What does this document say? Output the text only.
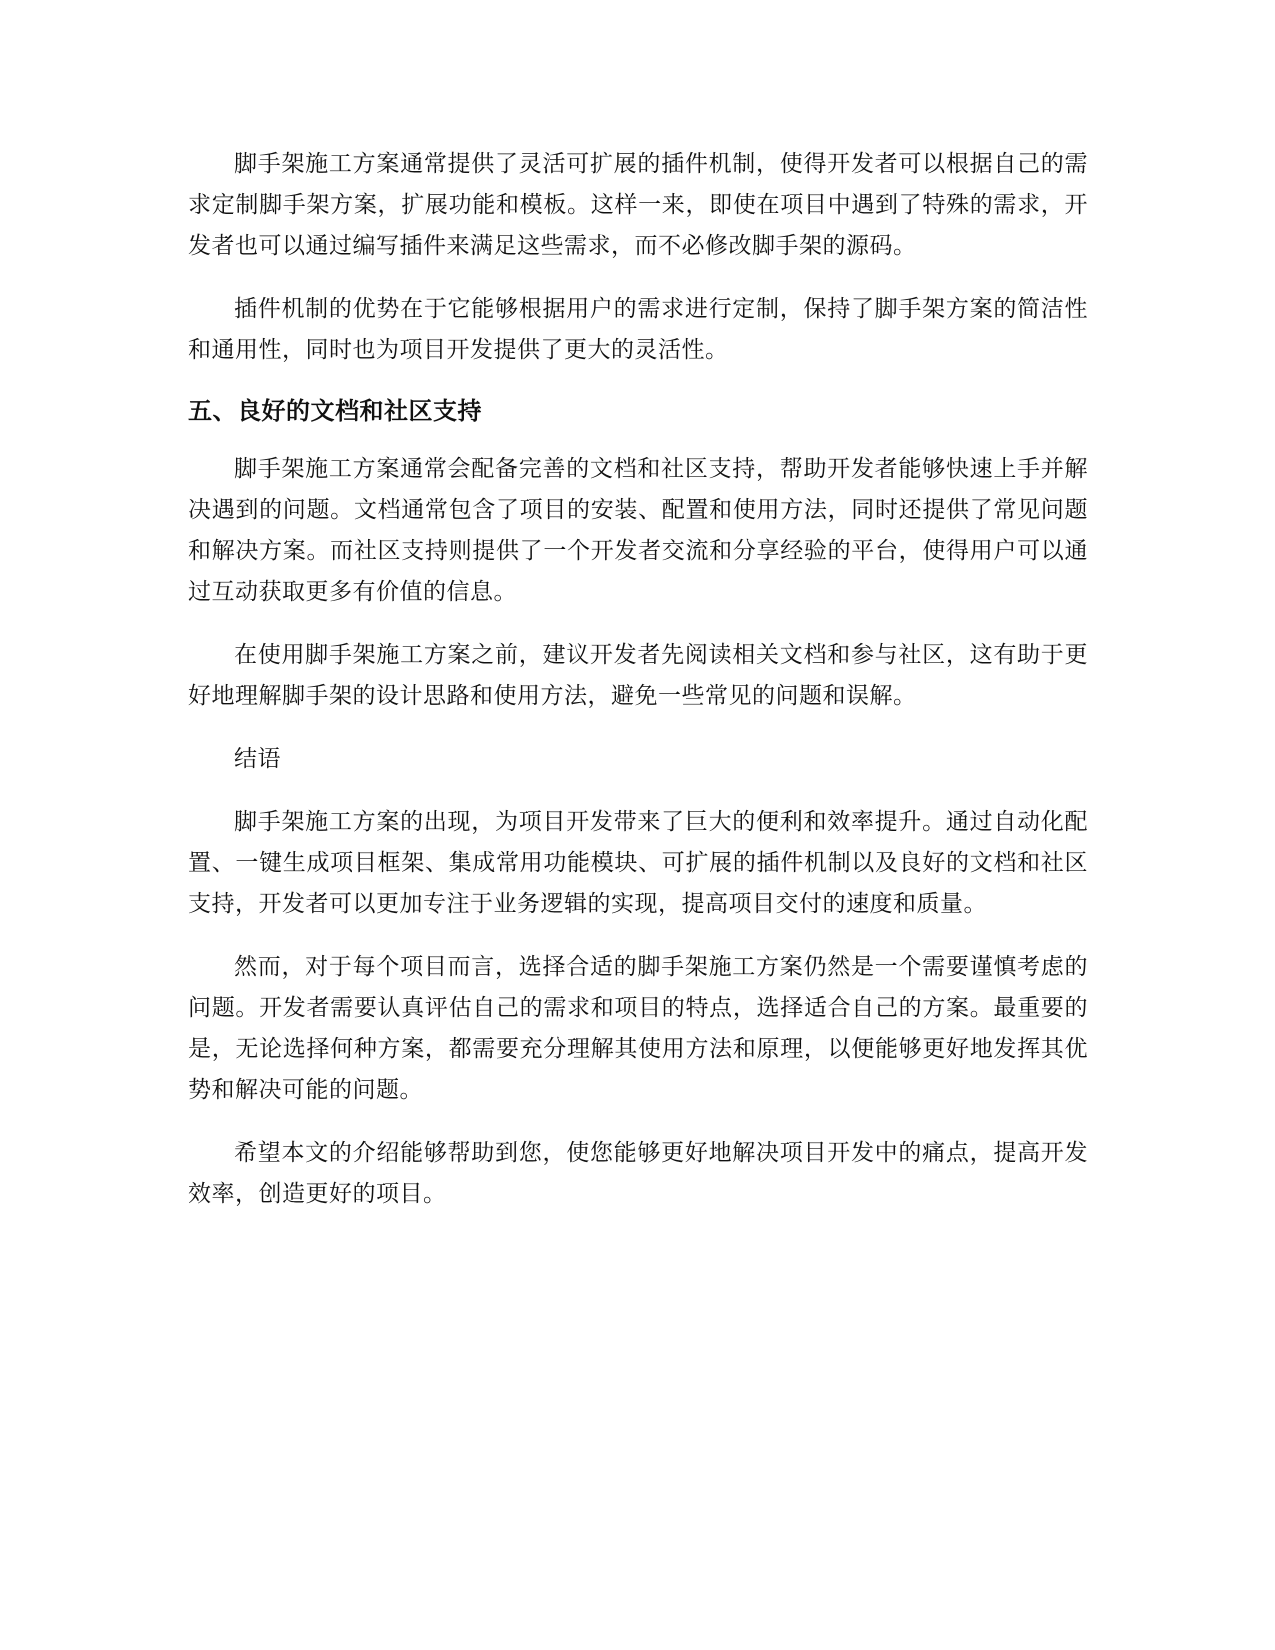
脚手架施工方案通常提供了灵活可扩展的插件机制，使得开发者可以根据自己的需求定制脚手架方案，扩展功能和模板。这样一来，即使在项目中遇到了特殊的需求，开发者也可以通过编写插件来满足这些需求，而不必修改脚手架的源码。

插件机制的优势在于它能够根据用户的需求进行定制，保持了脚手架方案的简洁性和通用性，同时也为项目开发提供了更大的灵活性。

五、良好的文档和社区支持

脚手架施工方案通常会配备完善的文档和社区支持，帮助开发者能够快速上手并解决遇到的问题。文档通常包含了项目的安装、配置和使用方法，同时还提供了常见问题和解决方案。而社区支持则提供了一个开发者交流和分享经验的平台，使得用户可以通过互动获取更多有价值的信息。

在使用脚手架施工方案之前，建议开发者先阅读相关文档和参与社区，这有助于更好地理解脚手架的设计思路和使用方法，避免一些常见的问题和误解。

结语

脚手架施工方案的出现，为项目开发带来了巨大的便利和效率提升。通过自动化配置、一键生成项目框架、集成常用功能模块、可扩展的插件机制以及良好的文档和社区支持，开发者可以更加专注于业务逻辑的实现，提高项目交付的速度和质量。

然而，对于每个项目而言，选择合适的脚手架施工方案仍然是一个需要谨慎考虑的问题。开发者需要认真评估自己的需求和项目的特点，选择适合自己的方案。最重要的是，无论选择何种方案，都需要充分理解其使用方法和原理，以便能够更好地发挥其优势和解决可能的问题。

希望本文的介绍能够帮助到您，使您能够更好地解决项目开发中的痛点，提高开发效率，创造更好的项目。
